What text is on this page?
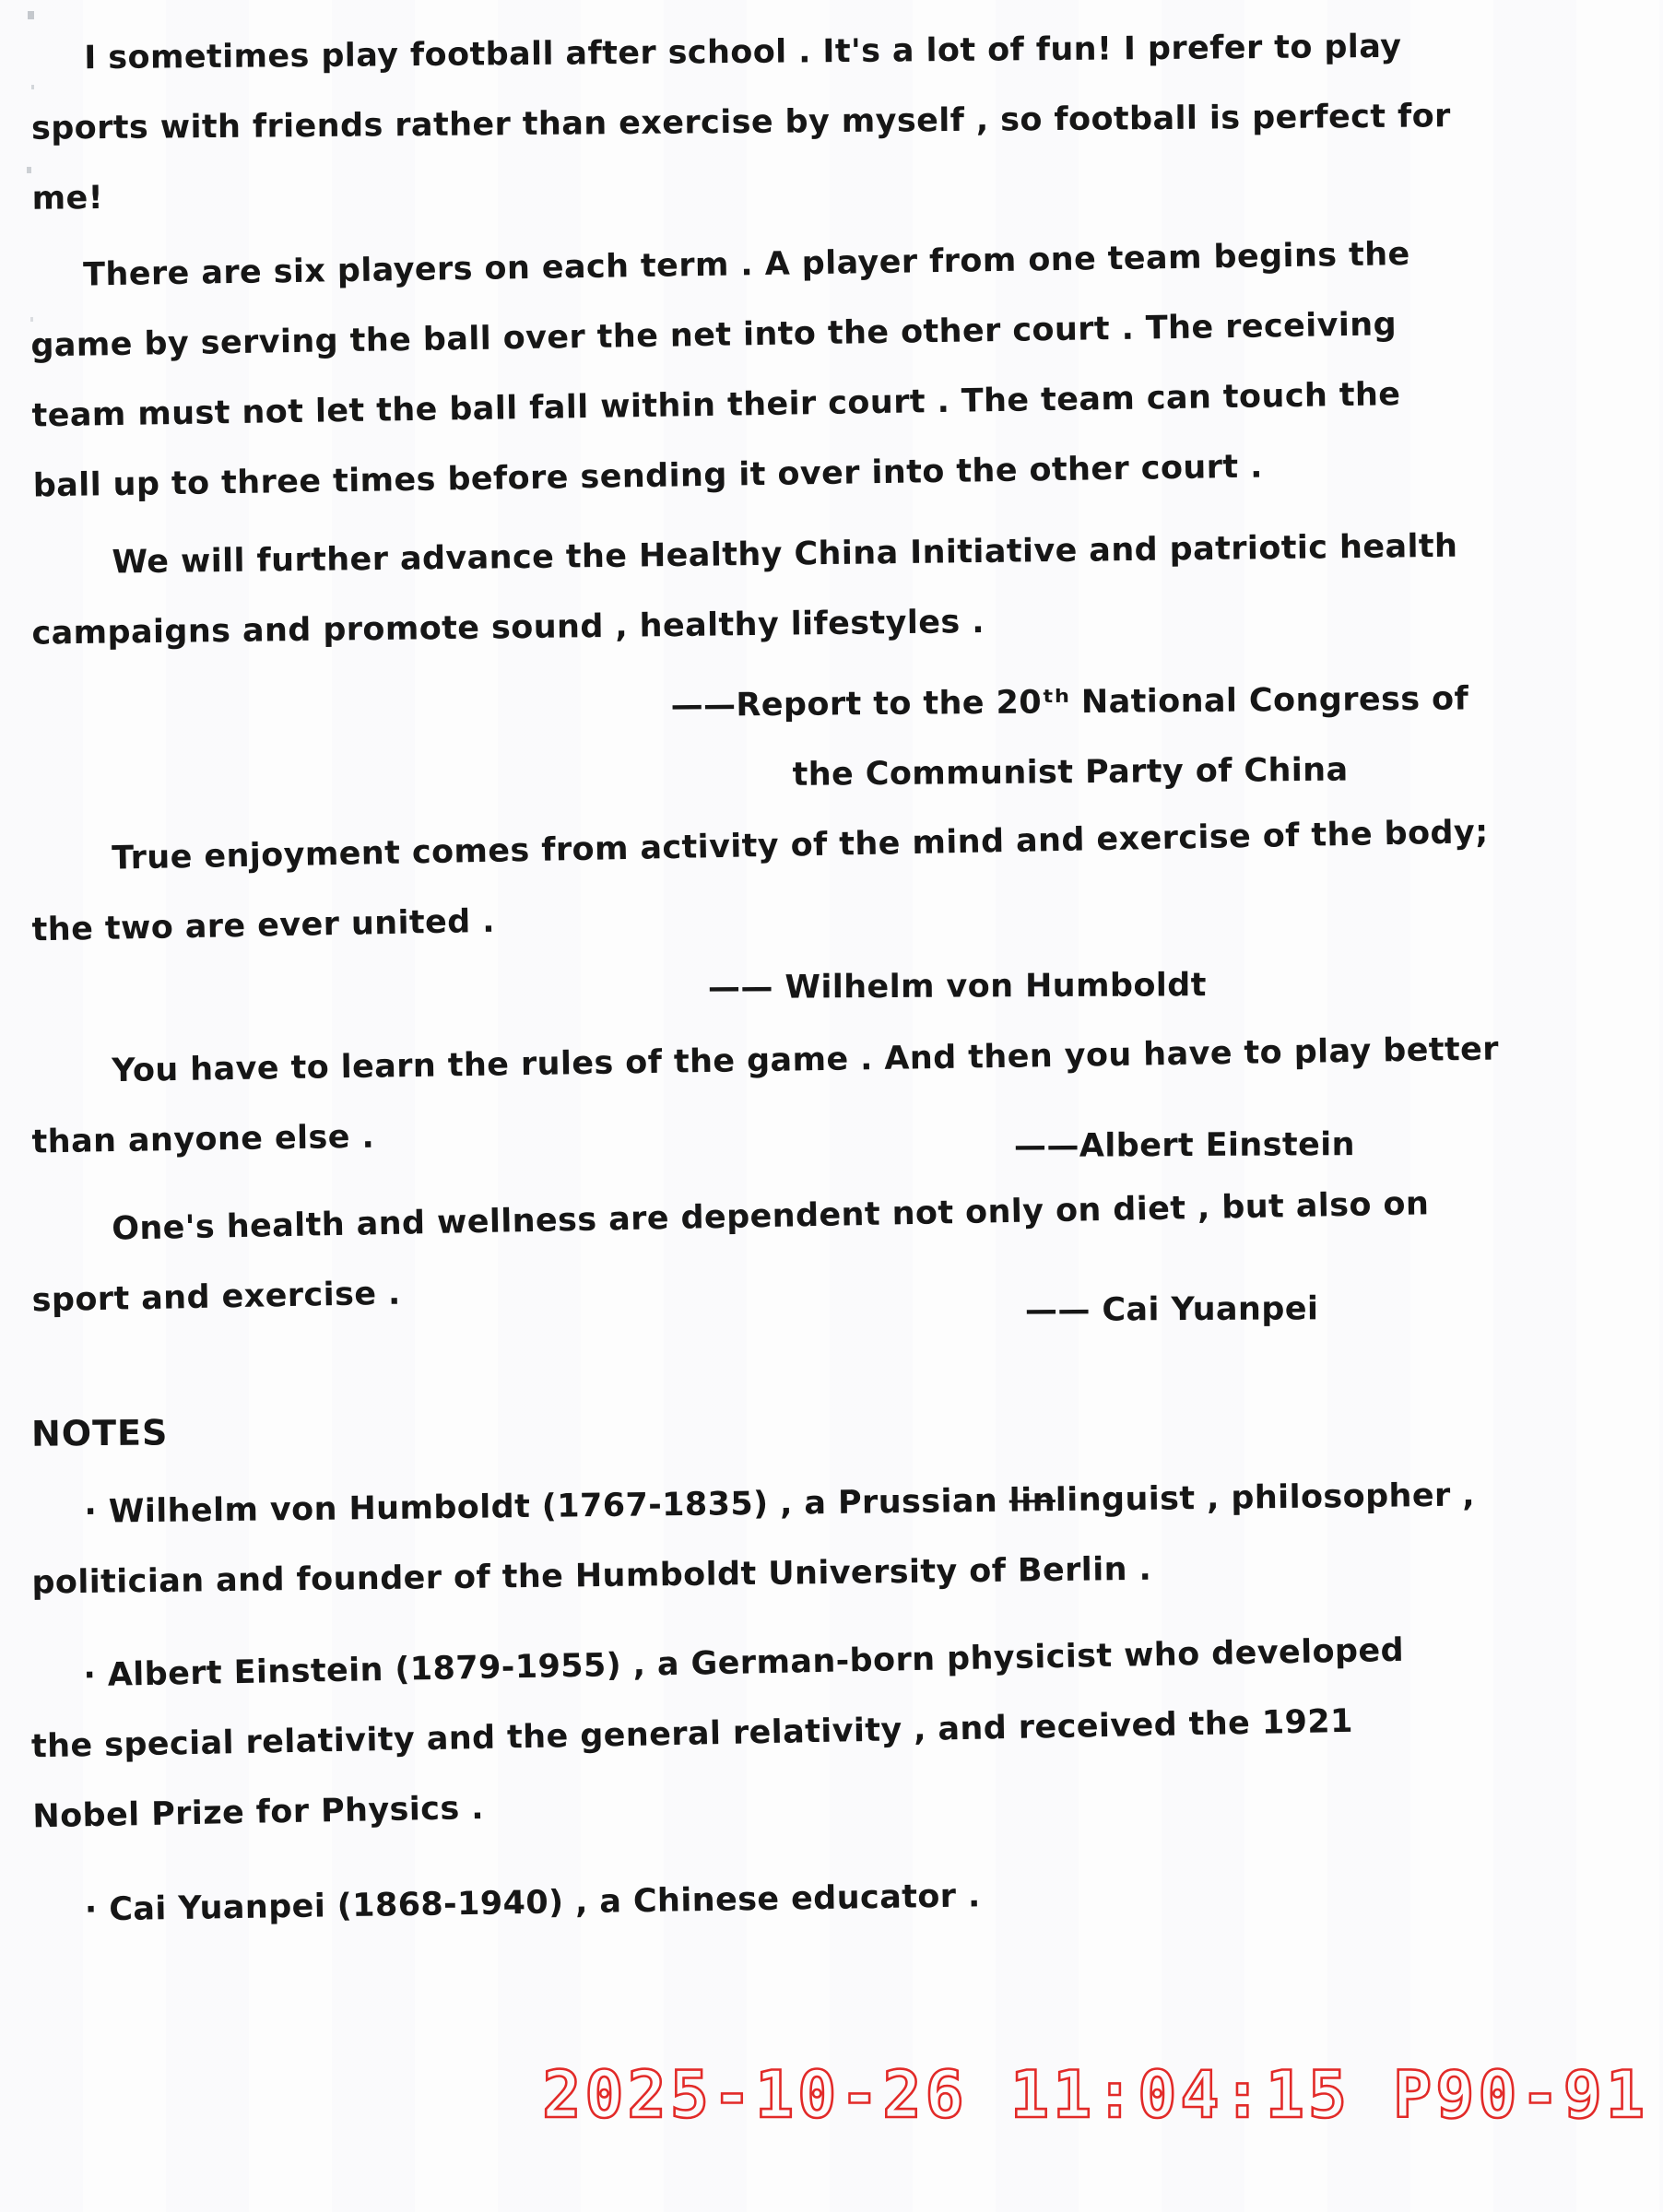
I sometimes play football after school . It's a lot of fun! I prefer to play
sports with friends rather than exercise by myself , so football is perfect for
me!

There are six players on each term . A player from one team begins the
game by serving the ball over the net into the other court . The receiving
team must not let the ball fall within their court . The team can touch the
ball up to three times before sending it over into the other court .

We will further advance the Healthy China Initiative and patriotic health
campaigns and promote sound , healthy lifestyles .

——Report to the 20ᵗʰ National Congress of
the Communist Party of China

True enjoyment comes from activity of the mind and exercise of the body;
the two are ever united .

—— Wilhelm von Humboldt

You have to learn the rules of the game . And then you have to play better
than anyone else .	——Albert Einstein

One's health and wellness are dependent not only on diet , but also on
sport and exercise .	—— Cai Yuanpei

NOTES

· Wilhelm von Humboldt (1767-1835) , a Prussian linlinguist , philosopher ,
politician and founder of the Humboldt University of Berlin .

· Albert Einstein (1879-1955) , a German-born physicist who developed
the special relativity and the general relativity , and received the 1921
Nobel Prize for Physics .

· Cai Yuanpei (1868-1940) , a Chinese educator .

2025-10-26 11:04:15 P90-91
